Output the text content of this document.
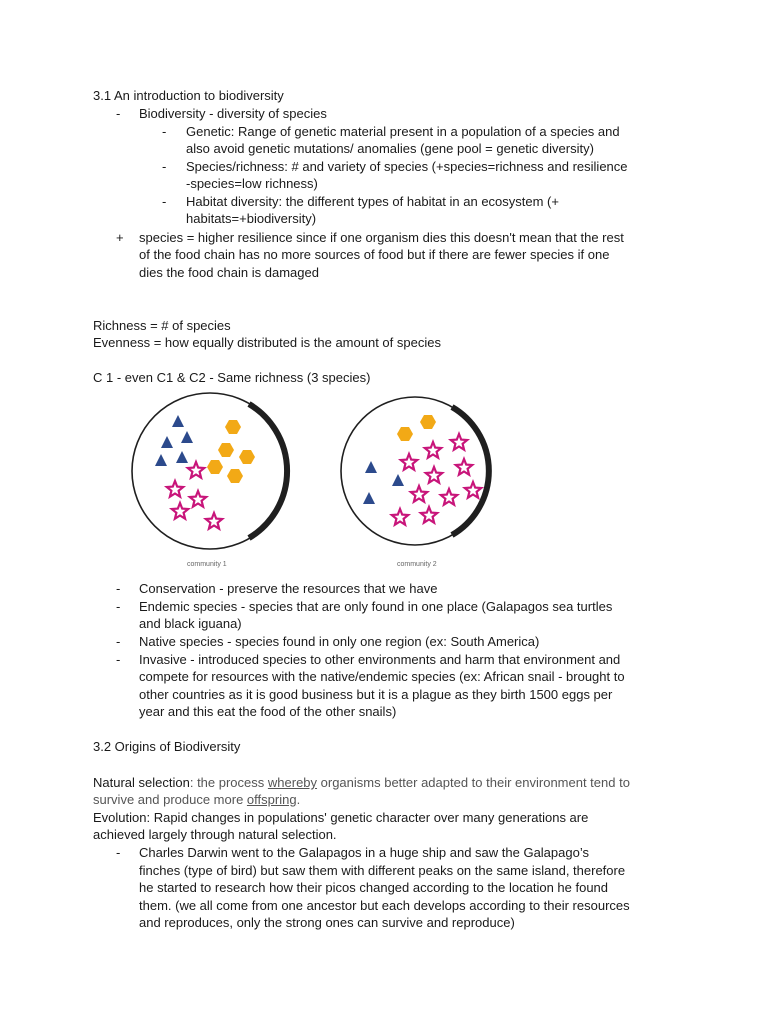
3.1 An introduction to biodiversity
- Biodiversity - diversity of species
- Genetic: Range of genetic material present in a population of a species and
also avoid genetic mutations/ anomalies (gene pool = genetic diversity)
- Species/richness: # and variety of species (+species=richness and resilience
-species=low richness)
- Habitat diversity: the different types of habitat in an ecosystem (+
habitats=+biodiversity)
+ species = higher resilience since if one organism dies this doesn't mean that the rest
of the food chain has no more sources of food but if there are fewer species if one
dies the food chain is damaged
Richness = # of species
Evenness = how equally distributed is the amount of species
C 1 - even C1 & C2 - Same richness (3 species)
community 1	community 2
- Conservation - preserve the resources that we have
- Endemic species - species that are only found in one place (Galapagos sea turtles
and black iguana)
- Native species - species found in only one region (ex: South America)
- Invasive - introduced species to other environments and harm that environment and
compete for resources with the native/endemic species (ex: African snail - brought to
other countries as it is good business but it is a plague as they birth 1500 eggs per
year and this eat the food of the other snails)
3.2 Origins of Biodiversity
Natural selection: the process whereby organisms better adapted to their environment tend to
survive and produce more offspring.
Evolution: Rapid changes in populations' genetic character over many generations are
achieved largely through natural selection.
- Charles Darwin went to the Galapagos in a huge ship and saw the Galapago’s
finches (type of bird) but saw them with different peaks on the same island, therefore
he started to research how their picos changed according to the location he found
them. (we all come from one ancestor but each develops according to their resources
and reproduces, only the strong ones can survive and reproduce)
